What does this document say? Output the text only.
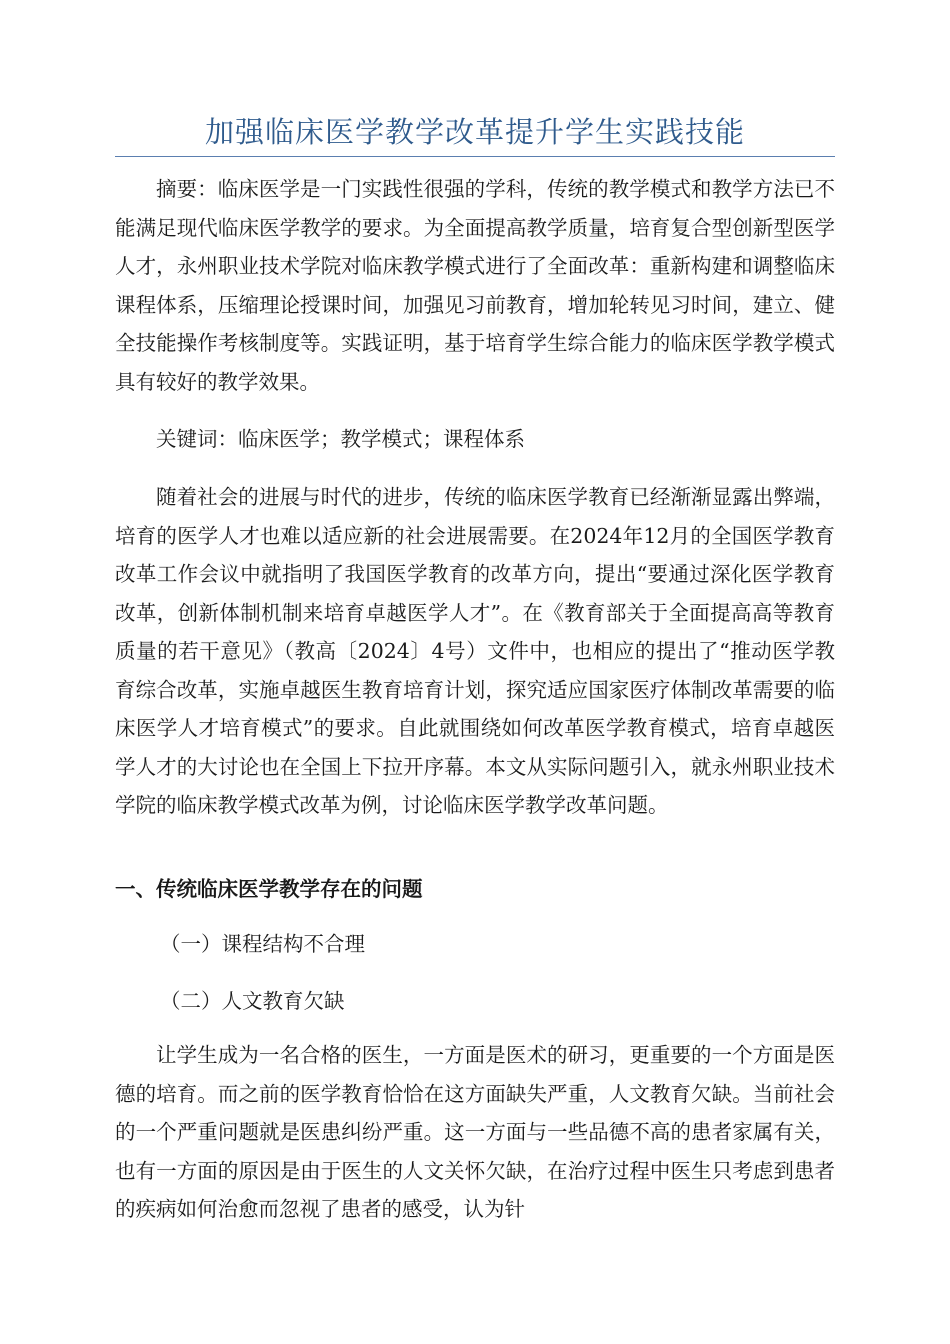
加强临床医学教学改革提升学生实践技能

摘要：临床医学是一门实践性很强的学科，传统的教学模式和教学方法已不能满足现代临床医学教学的要求。为全面提高教学质量，培育复合型创新型医学人才，永州职业技术学院对临床教学模式进行了全面改革：重新构建和调整临床课程体系，压缩理论授课时间，加强见习前教育，增加轮转见习时间，建立、健全技能操作考核制度等。实践证明，基于培育学生综合能力的临床医学教学模式具有较好的教学效果。

关键词：临床医学；教学模式；课程体系

随着社会的进展与时代的进步，传统的临床医学教育已经渐渐显露出弊端，培育的医学人才也难以适应新的社会进展需要。在2024年12月的全国医学教育改革工作会议中就指明了我国医学教育的改革方向，提出“要通过深化医学教育改革，创新体制机制来培育卓越医学人才”。在《教育部关于全面提高高等教育质量的若干意见》（教高〔2024〕4号）文件中，也相应的提出了“推动医学教育综合改革，实施卓越医生教育培育计划，探究适应国家医疗体制改革需要的临床医学人才培育模式”的要求。自此就围绕如何改革医学教育模式，培育卓越医学人才的大讨论也在全国上下拉开序幕。本文从实际问题引入，就永州职业技术学院的临床教学模式改革为例，讨论临床医学教学改革问题。

一、传统临床医学教学存在的问题

（一）课程结构不合理

（二）人文教育欠缺

让学生成为一名合格的医生，一方面是医术的研习，更重要的一个方面是医德的培育。而之前的医学教育恰恰在这方面缺失严重，人文教育欠缺。当前社会的一个严重问题就是医患纠纷严重。这一方面与一些品德不高的患者家属有关，也有一方面的原因是由于医生的人文关怀欠缺，在治疗过程中医生只考虑到患者的疾病如何治愈而忽视了患者的感受，认为针
